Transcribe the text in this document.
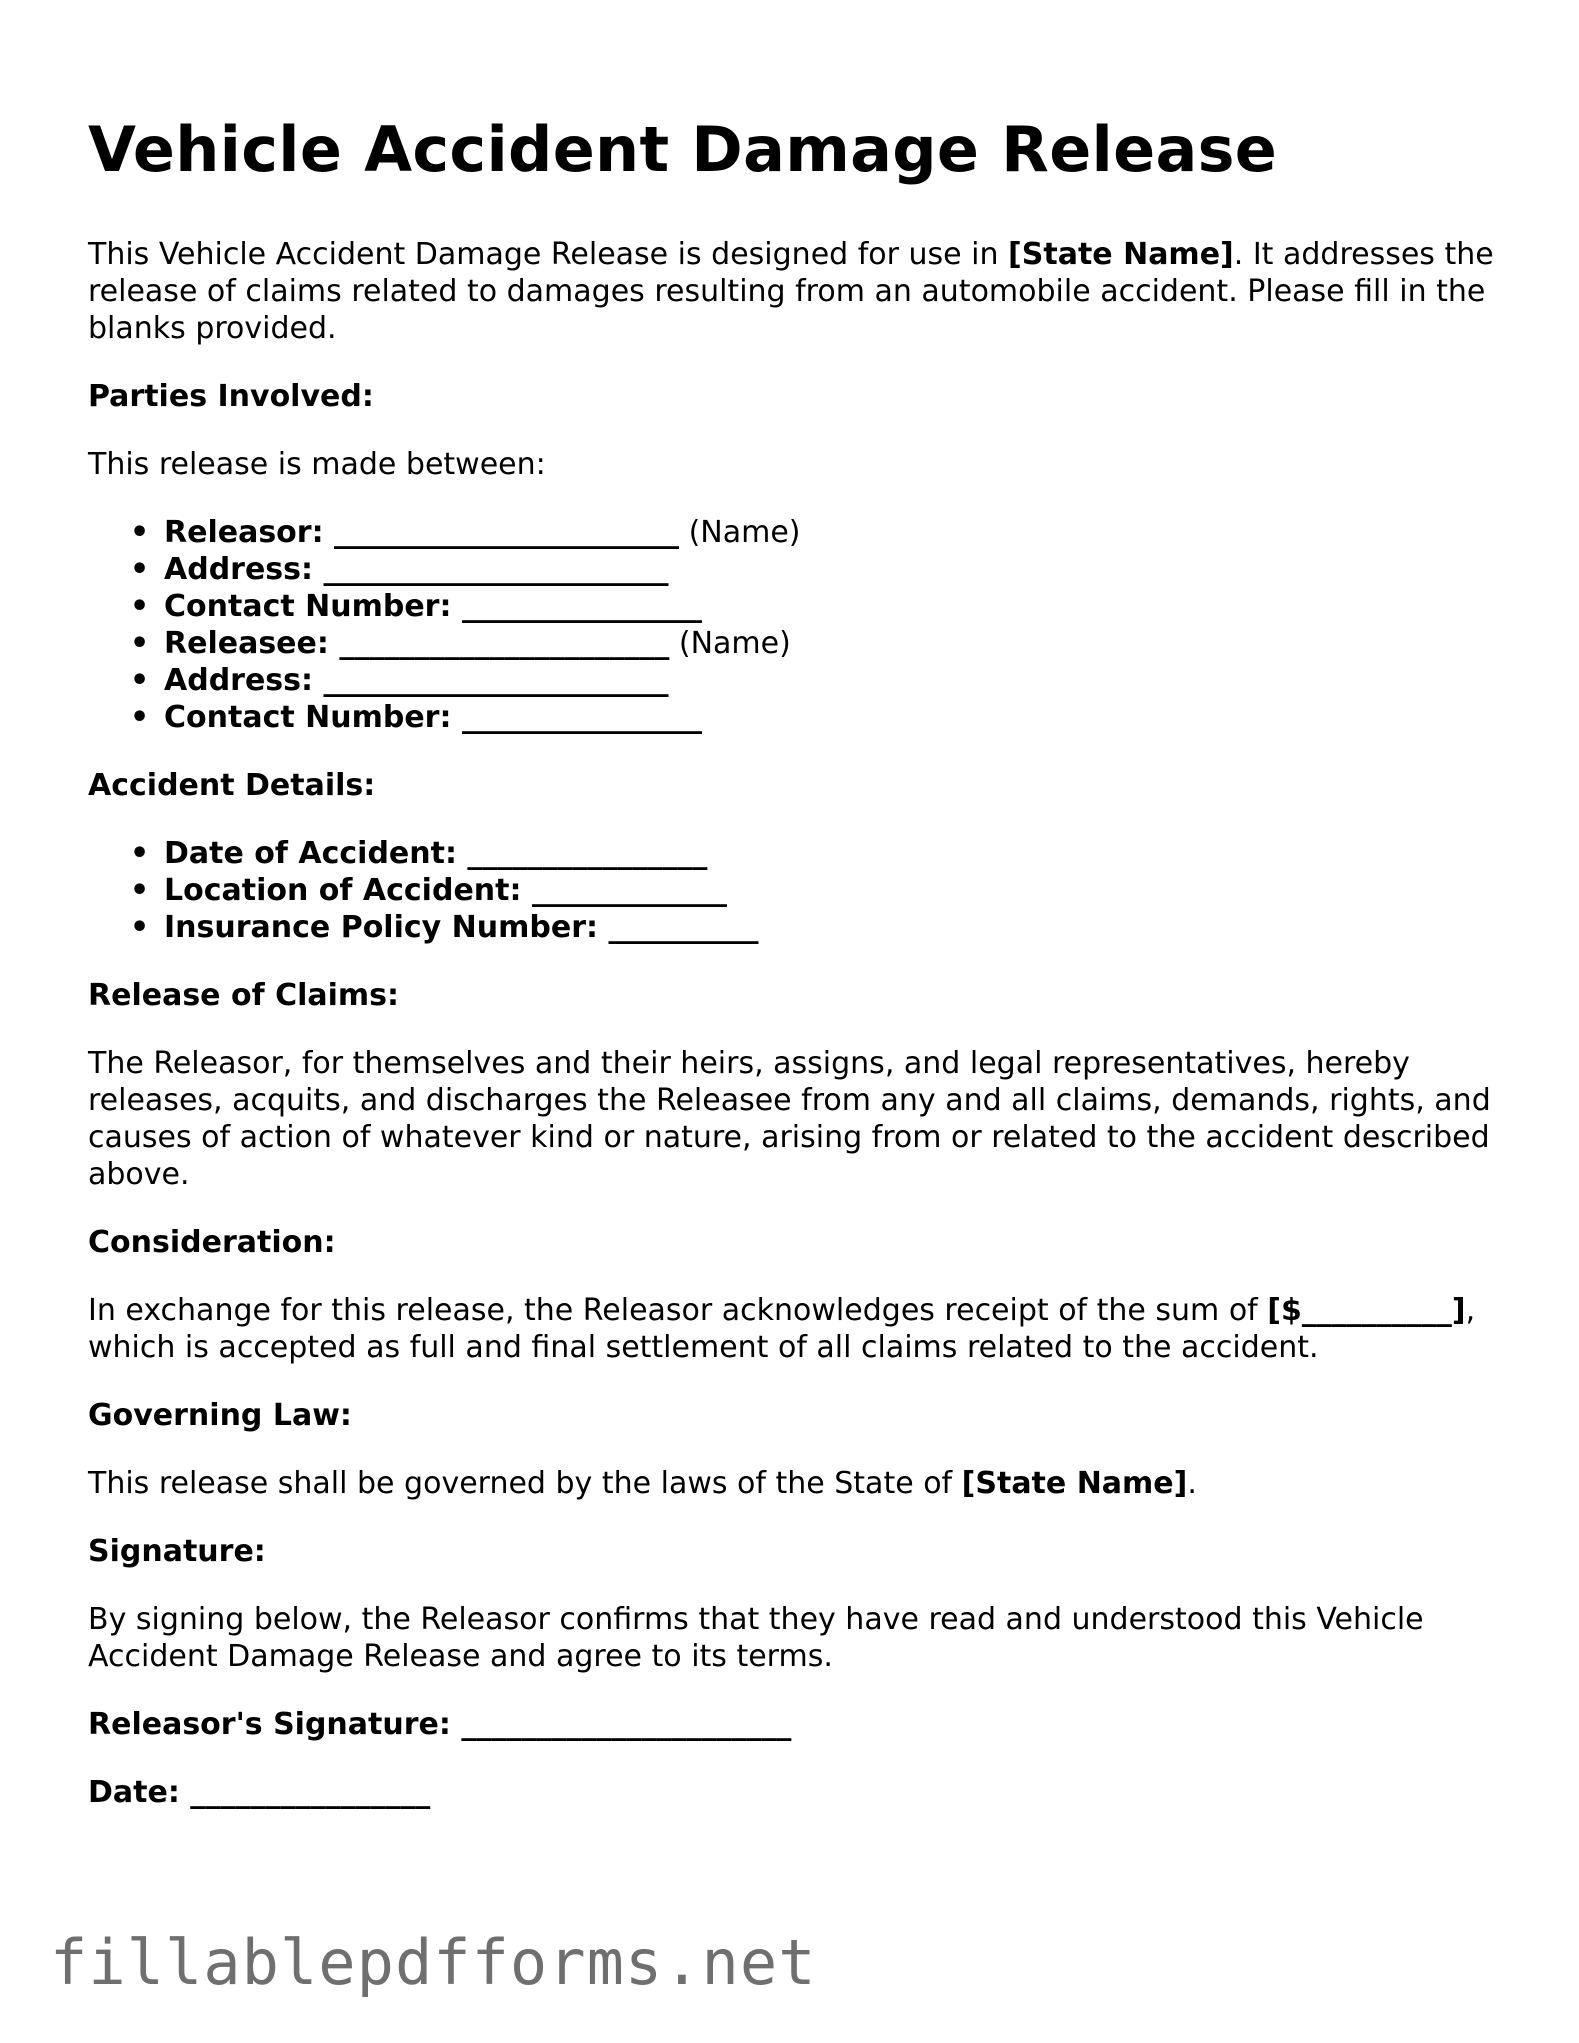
Vehicle Accident Damage Release

This Vehicle Accident Damage Release is designed for use in [State Name]. It addresses the release of claims related to damages resulting from an automobile accident. Please fill in the blanks provided.

Parties Involved:

This release is made between:

• Releasor: _______________________ (Name)
• Address: _______________________
• Contact Number: ________________
• Releasee: ______________________ (Name)
• Address: _______________________
• Contact Number: ________________
Accident Details:
• Date of Accident: ________________
• Location of Accident: _____________
• Insurance Policy Number: __________
Release of Claims:

The Releasor, for themselves and their heirs, assigns, and legal representatives, hereby releases, acquits, and discharges the Releasee from any and all claims, demands, rights, and causes of action of whatever kind or nature, arising from or related to the accident described above.

Consideration:

In exchange for this release, the Releasor acknowledges receipt of the sum of [$__________], which is accepted as full and final settlement of all claims related to the accident.

Governing Law:

This release shall be governed by the laws of the State of [State Name].

Signature:

By signing below, the Releasor confirms that they have read and understood this Vehicle Accident Damage Release and agree to its terms.

Releasor's Signature: ______________________
Date: ________________
fillablepdfforms.net
